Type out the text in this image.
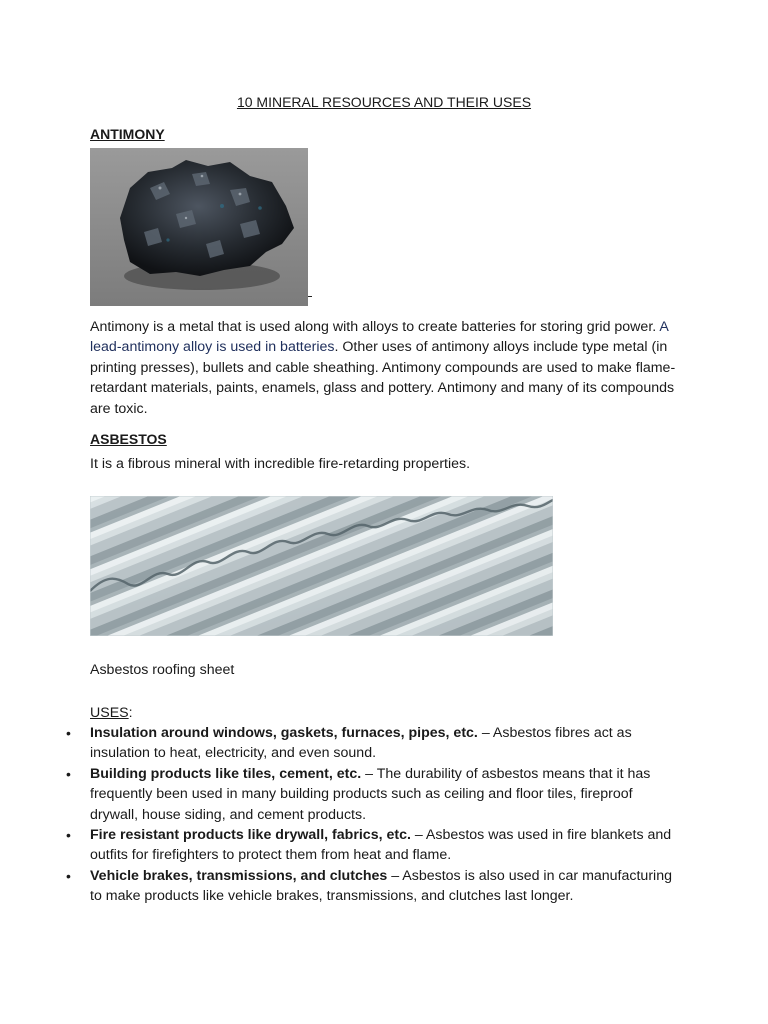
10 MINERAL RESOURCES AND THEIR USES
ANTIMONY

Antimony is a metal that is used along with alloys to create batteries for storing grid power. A lead-antimony alloy is used in batteries. Other uses of antimony alloys include type metal (in printing presses), bullets and cable sheathing. Antimony compounds are used to make flame-retardant materials, paints, enamels, glass and pottery. Antimony and many of its compounds are toxic.

ASBESTOS

It is a fibrous mineral with incredible fire-retarding properties.

Asbestos roofing sheet

USES:

• Insulation around windows, gaskets, furnaces, pipes, etc. – Asbestos fibres act as insulation to heat, electricity, and even sound.
• Building products like tiles, cement, etc. – The durability of asbestos means that it has frequently been used in many building products such as ceiling and floor tiles, fireproof drywall, house siding, and cement products.
• Fire resistant products like drywall, fabrics, etc. – Asbestos was used in fire blankets and outfits for firefighters to protect them from heat and flame.
• Vehicle brakes, transmissions, and clutches – Asbestos is also used in car manufacturing to make products like vehicle brakes, transmissions, and clutches last longer.
